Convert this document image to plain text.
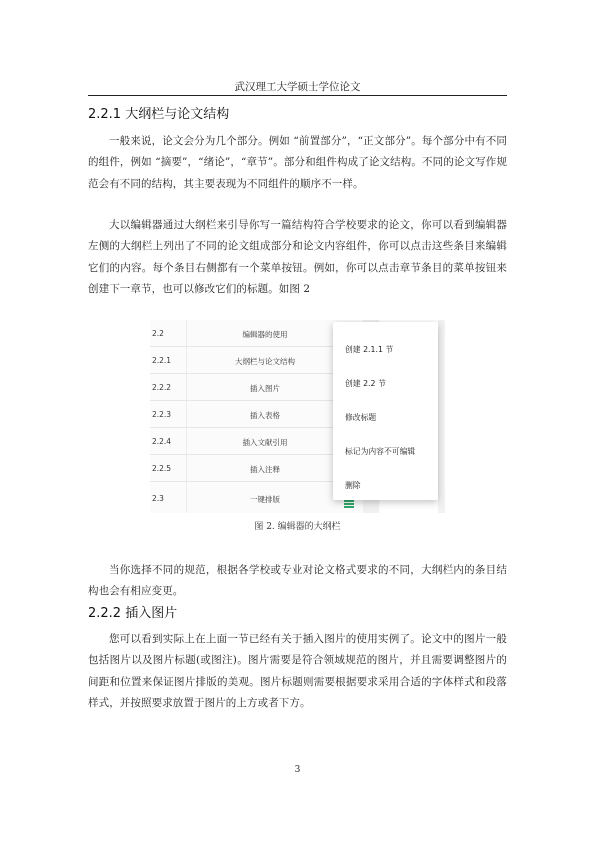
武汉理工大学硕士学位论文
2.2.1 大纲栏与论文结构

一般来说，论文会分为几个部分。例如 “前置部分”，“正文部分”。每个部分中有不同的组件，例如 “摘要”，“绪论”，“章节”。部分和组件构成了论文结构。不同的论文写作规范会有不同的结构，其主要表现为不同组件的顺序不一样。

大以编辑器通过大纲栏来引导你写一篇结构符合学校要求的论文，你可以看到编辑器左侧的大纲栏上列出了不同的论文组成部分和论文内容组件，你可以点击这些条目来编辑它们的内容。每个条目右侧都有一个菜单按钮。例如，你可以点击章节条目的菜单按钮来创建下一章节，也可以修改它们的标题。如图 2

2.2	编辑器的使用
2.2.1	大纲栏与论文结构
2.2.2	插入图片
2.2.3	插入表格
2.2.4	插入文献引用
2.2.5	插入注释
2.3	一键排版
创建 2.1.1 节
创建 2.2 节
修改标题
标记为内容不可编辑
删除
图 2. 编辑器的大纲栏

当你选择不同的规范，根据各学校或专业对论文格式要求的不同，大纲栏内的条目结构也会有相应变更。

2.2.2 插入图片

您可以看到实际上在上面一节已经有关于插入图片的使用实例了。论文中的图片一般包括图片以及图片标题(或图注)。图片需要是符合领域规范的图片，并且需要调整图片的间距和位置来保证图片排版的美观。图片标题则需要根据要求采用合适的字体样式和段落样式，并按照要求放置于图片的上方或者下方。

3
